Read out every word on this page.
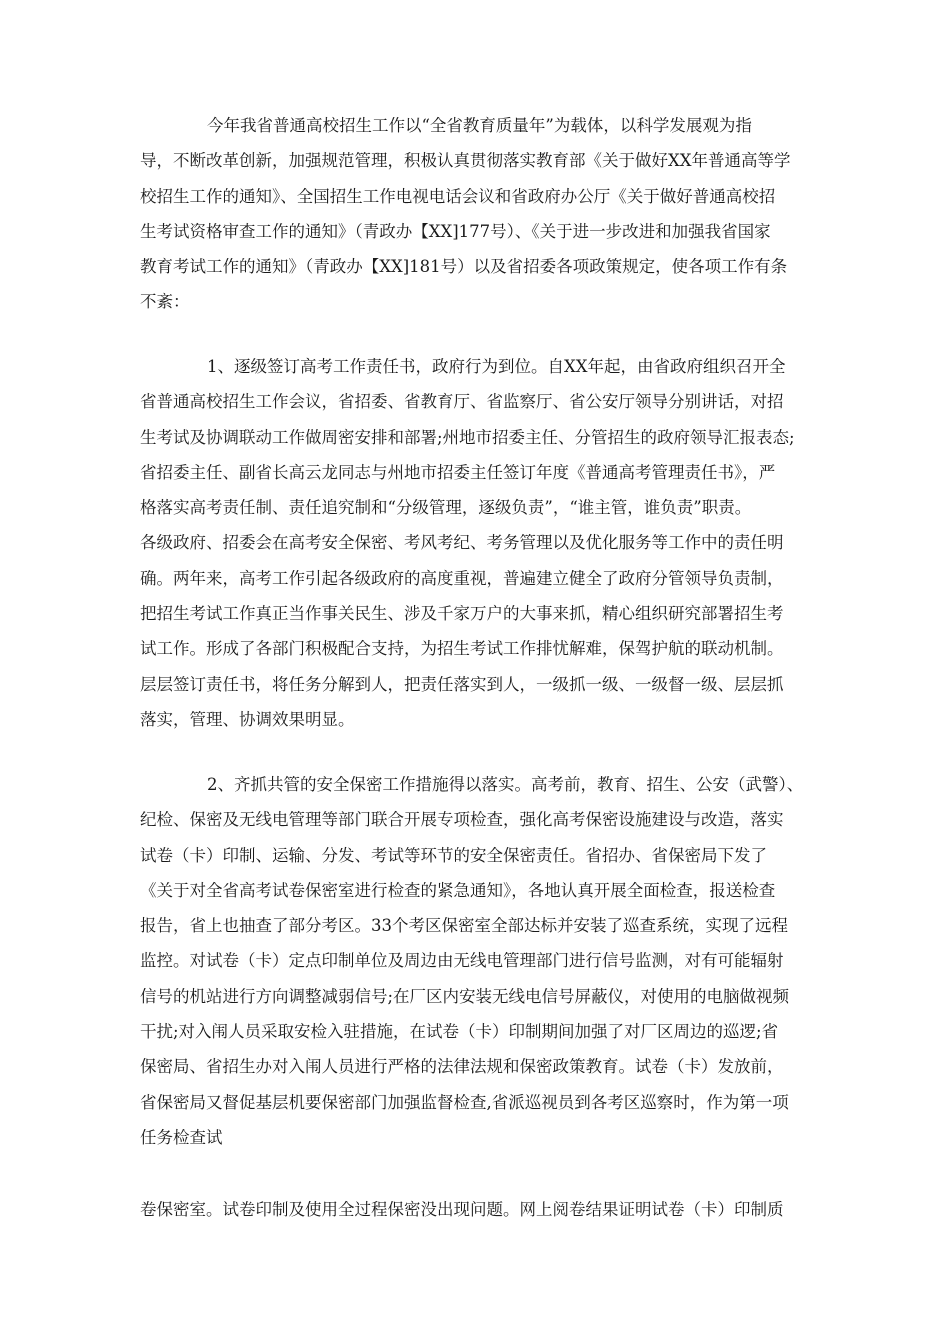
今年我省普通高校招生工作以“全省教育质量年”为载体，以科学发展观为指
导，不断改革创新，加强规范管理，积极认真贯彻落实教育部《关于做好XX年普通高等学
校招生工作的通知》、全国招生工作电视电话会议和省政府办公厅《关于做好普通高校招
生考试资格审查工作的通知》（青政办【XX]177号）、《关于进一步改进和加强我省国家
教育考试工作的通知》（青政办【XX]181号）以及省招委各项政策规定，使各项工作有条
不紊：
1、逐级签订高考工作责任书，政府行为到位。自XX年起，由省政府组织召开全
省普通高校招生工作会议，省招委、省教育厅、省监察厅、省公安厅领导分别讲话，对招
生考试及协调联动工作做周密安排和部署;州地市招委主任、分管招生的政府领导汇报表态;
省招委主任、副省长高云龙同志与州地市招委主任签订年度《普通高考管理责任书》，严
格落实高考责任制、责任追究制和“分级管理，逐级负责”，“谁主管，谁负责”职责。
各级政府、招委会在高考安全保密、考风考纪、考务管理以及优化服务等工作中的责任明
确。两年来，高考工作引起各级政府的高度重视，普遍建立健全了政府分管领导负责制，
把招生考试工作真正当作事关民生、涉及千家万户的大事来抓，精心组织研究部署招生考
试工作。形成了各部门积极配合支持，为招生考试工作排忧解难，保驾护航的联动机制。
层层签订责任书，将任务分解到人，把责任落实到人，一级抓一级、一级督一级、层层抓
落实，管理、协调效果明显。
2、齐抓共管的安全保密工作措施得以落实。高考前，教育、招生、公安（武警）、
纪检、保密及无线电管理等部门联合开展专项检查，强化高考保密设施建设与改造，落实
试卷（卡）印制、运输、分发、考试等环节的安全保密责任。省招办、省保密局下发了
《关于对全省高考试卷保密室进行检查的紧急通知》，各地认真开展全面检查，报送检查
报告，省上也抽查了部分考区。33个考区保密室全部达标并安装了巡查系统，实现了远程
监控。对试卷（卡）定点印制单位及周边由无线电管理部门进行信号监测，对有可能辐射
信号的机站进行方向调整减弱信号;在厂区内安装无线电信号屏蔽仪，对使用的电脑做视频
干扰;对入闱人员采取安检入驻措施，在试卷（卡）印制期间加强了对厂区周边的巡逻;省
保密局、省招生办对入闱人员进行严格的法律法规和保密政策教育。试卷（卡）发放前，
省保密局又督促基层机要保密部门加强监督检查,省派巡视员到各考区巡察时，作为第一项
任务检查试
卷保密室。试卷印制及使用全过程保密没出现问题。网上阅卷结果证明试卷（卡）印制质
